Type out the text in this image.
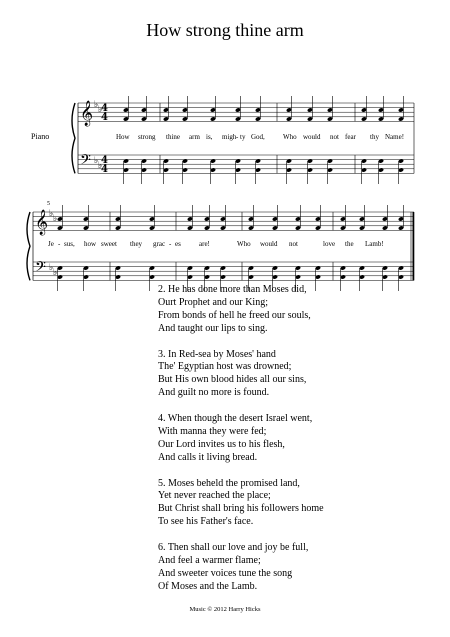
How strong thine arm
Piano
5
𝄞
𝄢
♭ ♭
♭ ♭
𝄞
𝄢
♭ ♭
♭ ♭
4
4
4
4
How strong thine arm is, migh - ty God,	Who would not fear thy Name!
Je - sus, how sweet they grac - es	are!	Who would not	love the Lamb!
2. He has done more than Moses did,
Ourt Prophet and our King;
From bonds of hell he freed our souls,
And taught our lips to sing.
3. In Red-sea by Moses' hand
The' Egyptian host was drowned;
But His own blood hides all our sins,
And guilt no more is found.
4. When though the desert Israel went,
With manna they were fed;
Our Lord invites us to his flesh,
And calls it living bread.
5. Moses beheld the promised land,
Yet never reached the place;
But Christ shall bring his followers home
To see his Father's face.
6. Then shall our love and joy be full,
And feel a warmer flame;
And sweeter voices tune the song
Of Moses and the Lamb.
Music © 2012 Harry Hicks
